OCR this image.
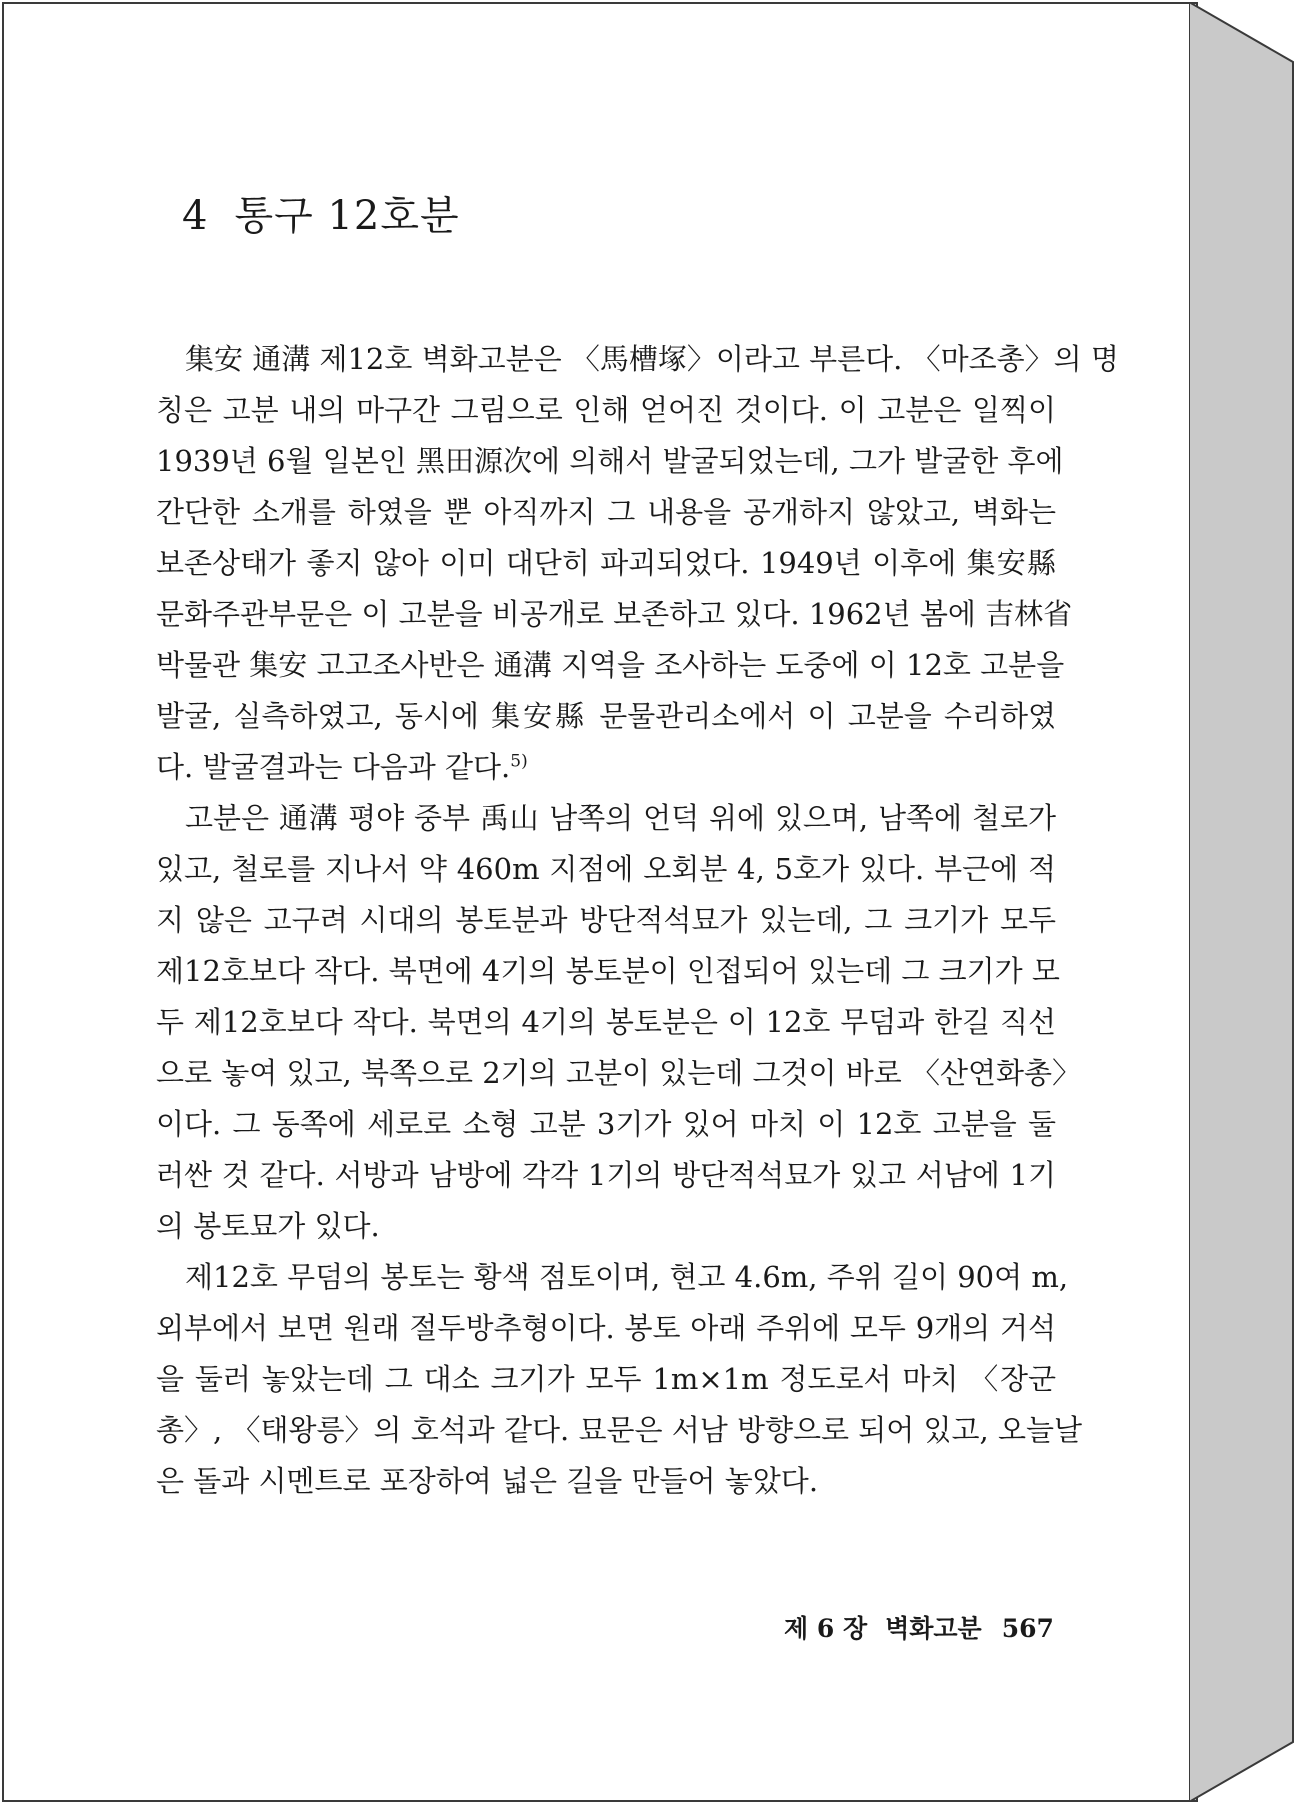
4 통구 12호분
集安 通溝 제12호 벽화고분은 〈馬槽塚〉이라고 부른다. 〈마조총〉의 명
칭은 고분 내의 마구간 그림으로 인해 얻어진 것이다. 이 고분은 일찍이
1939년 6월 일본인 黑田源次에 의해서 발굴되었는데, 그가 발굴한 후에
간단한 소개를 하였을 뿐 아직까지 그 내용을 공개하지 않았고, 벽화는
보존상태가 좋지 않아 이미 대단히 파괴되었다. 1949년 이후에 集安縣
문화주관부문은 이 고분을 비공개로 보존하고 있다. 1962년 봄에 吉林省
박물관 集安 고고조사반은 通溝 지역을 조사하는 도중에 이 12호 고분을
발굴, 실측하였고, 동시에 集安縣 문물관리소에서 이 고분을 수리하였
다. 발굴결과는 다음과 같다.$^{5)}$
고분은 通溝 평야 중부 禹山 남쪽의 언덕 위에 있으며, 남쪽에 철로가
있고, 철로를 지나서 약 460m 지점에 오회분 4, 5호가 있다. 부근에 적
지 않은 고구려 시대의 봉토분과 방단적석묘가 있는데, 그 크기가 모두
제12호보다 작다. 북면에 4기의 봉토분이 인접되어 있는데 그 크기가 모
두 제12호보다 작다. 북면의 4기의 봉토분은 이 12호 무덤과 한길 직선
으로 놓여 있고, 북쪽으로 2기의 고분이 있는데 그것이 바로 〈산연화총〉
이다. 그 동쪽에 세로로 소형 고분 3기가 있어 마치 이 12호 고분을 둘
러싼 것 같다. 서방과 남방에 각각 1기의 방단적석묘가 있고 서남에 1기
의 봉토묘가 있다.
제12호 무덤의 봉토는 황색 점토이며, 현고 4.6m, 주위 길이 90여 m,
외부에서 보면 원래 절두방추형이다. 봉토 아래 주위에 모두 9개의 거석
을 둘러 놓았는데 그 대소 크기가 모두 1m×1m 정도로서 마치 〈장군
총〉, 〈태왕릉〉의 호석과 같다. 묘문은 서남 방향으로 되어 있고, 오늘날
은 돌과 시멘트로 포장하여 넓은 길을 만들어 놓았다.
제 6 장 벽화고분 567
